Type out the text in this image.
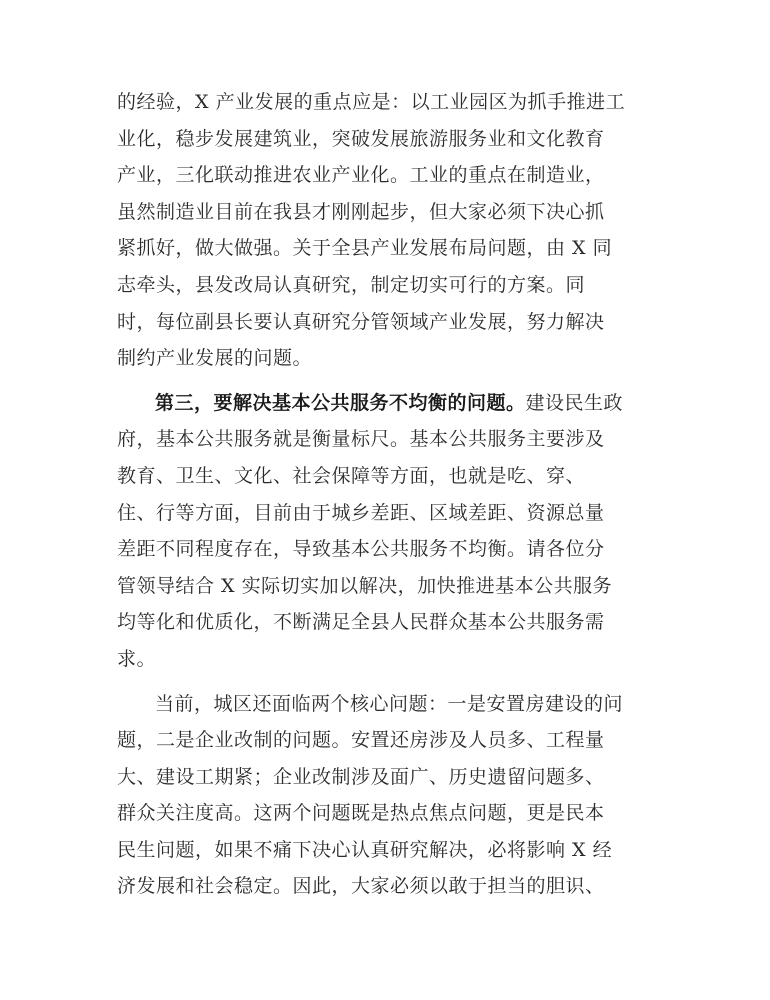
的经验，X 产业发展的重点应是：以工业园区为抓手推进工
业化，稳步发展建筑业，突破发展旅游服务业和文化教育
产业，三化联动推进农业产业化。工业的重点在制造业，
虽然制造业目前在我县才刚刚起步，但大家必须下决心抓
紧抓好，做大做强。关于全县产业发展布局问题，由 X 同
志牵头，县发改局认真研究，制定切实可行的方案。同
时，每位副县长要认真研究分管领域产业发展，努力解决
制约产业发展的问题。
第三，要解决基本公共服务不均衡的问题。建设民生政
府，基本公共服务就是衡量标尺。基本公共服务主要涉及
教育、卫生、文化、社会保障等方面，也就是吃、穿、
住、行等方面，目前由于城乡差距、区域差距、资源总量
差距不同程度存在，导致基本公共服务不均衡。请各位分
管领导结合 X 实际切实加以解决，加快推进基本公共服务
均等化和优质化，不断满足全县人民群众基本公共服务需
求。
当前，城区还面临两个核心问题：一是安置房建设的问
题，二是企业改制的问题。安置还房涉及人员多、工程量
大、建设工期紧；企业改制涉及面广、历史遗留问题多、
群众关注度高。这两个问题既是热点焦点问题，更是民本
民生问题，如果不痛下决心认真研究解决，必将影响 X 经
济发展和社会稳定。因此，大家必须以敢于担当的胆识、
